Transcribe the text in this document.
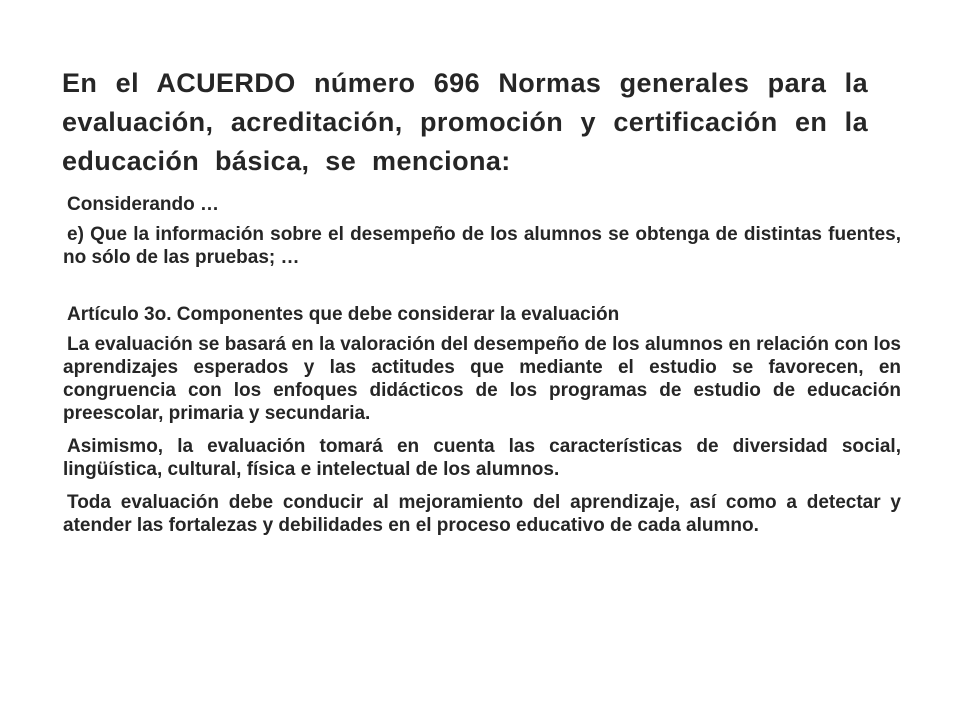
En el ACUERDO número 696 Normas generales para la evaluación, acreditación, promoción y certificación en la educación básica, se menciona:

Considerando …

e) Que la información sobre el desempeño de los alumnos se obtenga de distintas fuentes, no sólo de las pruebas; …

Artículo 3o. Componentes que debe considerar la evaluación

La evaluación se basará en la valoración del desempeño de los alumnos en relación con los aprendizajes esperados y las actitudes que mediante el estudio se favorecen, en congruencia con los enfoques didácticos de los programas de estudio de educación preescolar, primaria y secundaria.

Asimismo, la evaluación tomará en cuenta las características de diversidad social, lingüística, cultural, física e intelectual de los alumnos.

Toda evaluación debe conducir al mejoramiento del aprendizaje, así como a detectar y atender las fortalezas y debilidades en el proceso educativo de cada alumno.
